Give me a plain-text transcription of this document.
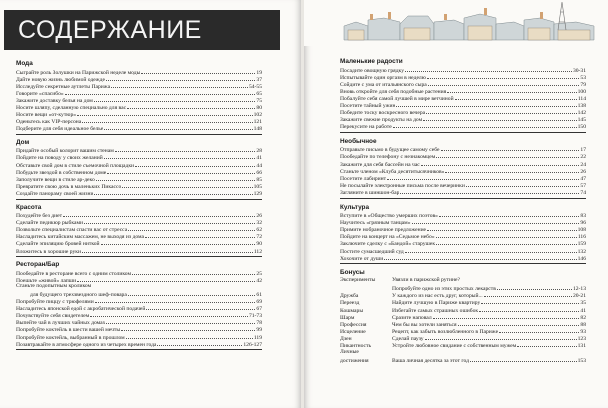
СОДЕРЖАНИЕ
Мода
Сыграйте роль Золушки на Парижской неделе моды	19
Дайте новую жизнь любимой одежде	37
Исследуйте секретные аутлеты Парижа	54-55
Говорите «спасибо»	65
Закажите доставку белья на дом	75
Носите шляпу, сделанную специально для вас	80
Носите вещи «от-кутюр»	102
Оденьтесь как VIP-персона	121
Подберите для себя идеальное белье	148
Дом
Придайте особый колорит вашим стенам	28
Пойдите на поводу у своих желаний	41
Обставьте свой дом в стиле съемочной площадки	44
Побудьте звездой в собственном доме	66
Заполучите вещи в стиле ар-деко	85
Превратите свою дочь в маленьких Пикассо	105
Создайте панораму своей жизни	129
Красота
Похудейте без диет	26
Сделайте педикюр рыбками	32
Позвольте специалистам спасти вас от стресса	62
Насладитесь китайским массажем, не выходя из дома	72
Сделайте эпиляцию бровей ниткой	90
Вложитесь в хорошие руки	112
Ресторан/Бар
Пообедайте в ресторане всего с одним столиком	25
Поешьте «живой» лапши	42
Станьте подопытным кроликом
для будущего трехзвездного шеф-повара	61
Попробуйте пиццу с трюфелями	69
Насладитесь японской едой с акробатической подачей	67
Почувствуйте себя свидетелем	71-73
Выпейте чай в лучших чайных домах	78
Попробуйте коктейль в шести вашей мечты	99
Попробуйте коктейль, выбранный в прошлом	119
Позавтракайте в атмосфере одного из четырех времен года	126-127
Маленькие радости
Посадите овощную грядку	30-31
Испытывайте один оргазм в неделю	53
Сойдите с ума от итальянского сыра	79
Вновь откройте для себя подобные растения	100
Побалуйте себя самой лучшей в мире ветчиной	114
Посетите тайный ужин	138
Победите тоску воскресного вечера	142
Закажите свежие продукты на дом	145
Перекусите на работе	150
Необычное
Отправьте письмо в будущее самому себе	17
Пообедайте по телефону с незнакомцем	22
Закажите для себя бассейн на час	24
Станьте членом «Клуба десятитысячников»	26
Посетите лабиринт	47
Не посылайте электронные письма после вечеринки	57
Загляните в шиншон-бар	74
Культура
Вступите в «Общество умерших поэтов»	83
Научитесь «грязным танцам»	96
Примите нобраночное предложение	108
Пойдите на концерт на «Седьмое небо»	116
Заключите сделку с «Бандой» старушек	159
Постите сумасшедший суд	132
Хохочите от души	146
Бонусы
Эксперименты	Увязли в парижской рутине?
Попробуйте одно из этих простых лекарств	12-13
Дружба	У каждого из нас есть друг, который...	20-21
Переезд	Найдите лучшую в Париже квартиру	35
Кошмары	Избегайте самых страшных ошибок	41
Шарм	Сразите наповал	82
Профессия	Чем бы вы хотели заняться	88
Исцеление	Рецепт, как забыть возлюбленного в Париже	93
Дзен	Сделай паузу	123
Пикантность	Устройте любовное свидание с собственным мужем	131
Личные
достижения	Ваша личная десятка за этот год	153
